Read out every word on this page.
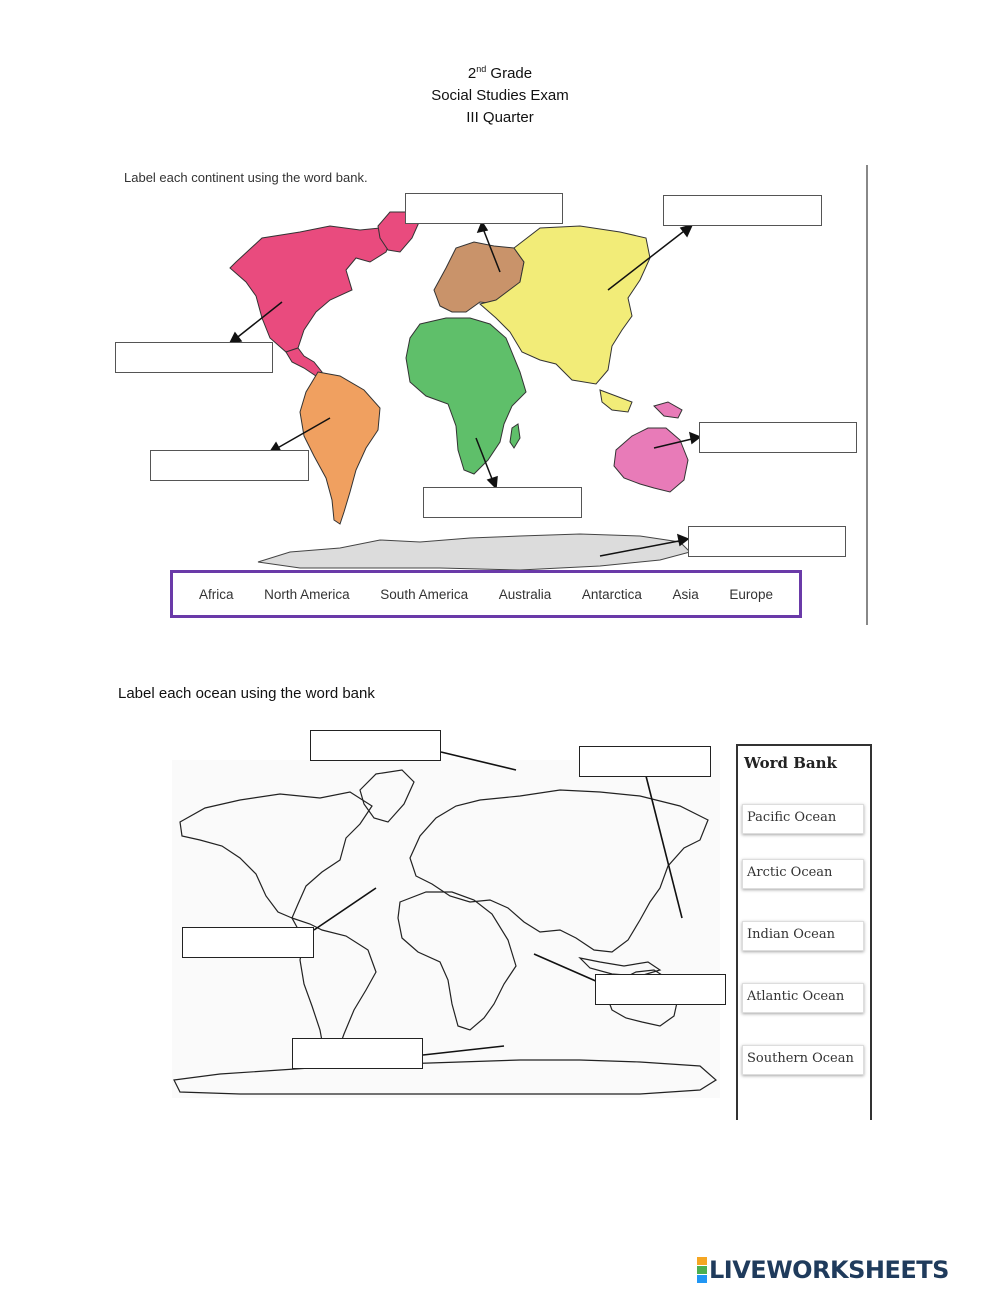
2nd Grade
Social Studies Exam
III Quarter
Label each continent using the word bank.
Africa North America South America Australia Antarctica Asia Europe
Label each ocean using the word bank
Word Bank
Pacific Ocean
Arctic Ocean
Indian Ocean
Atlantic Ocean
Southern Ocean
LIVEWORKSHEETS
